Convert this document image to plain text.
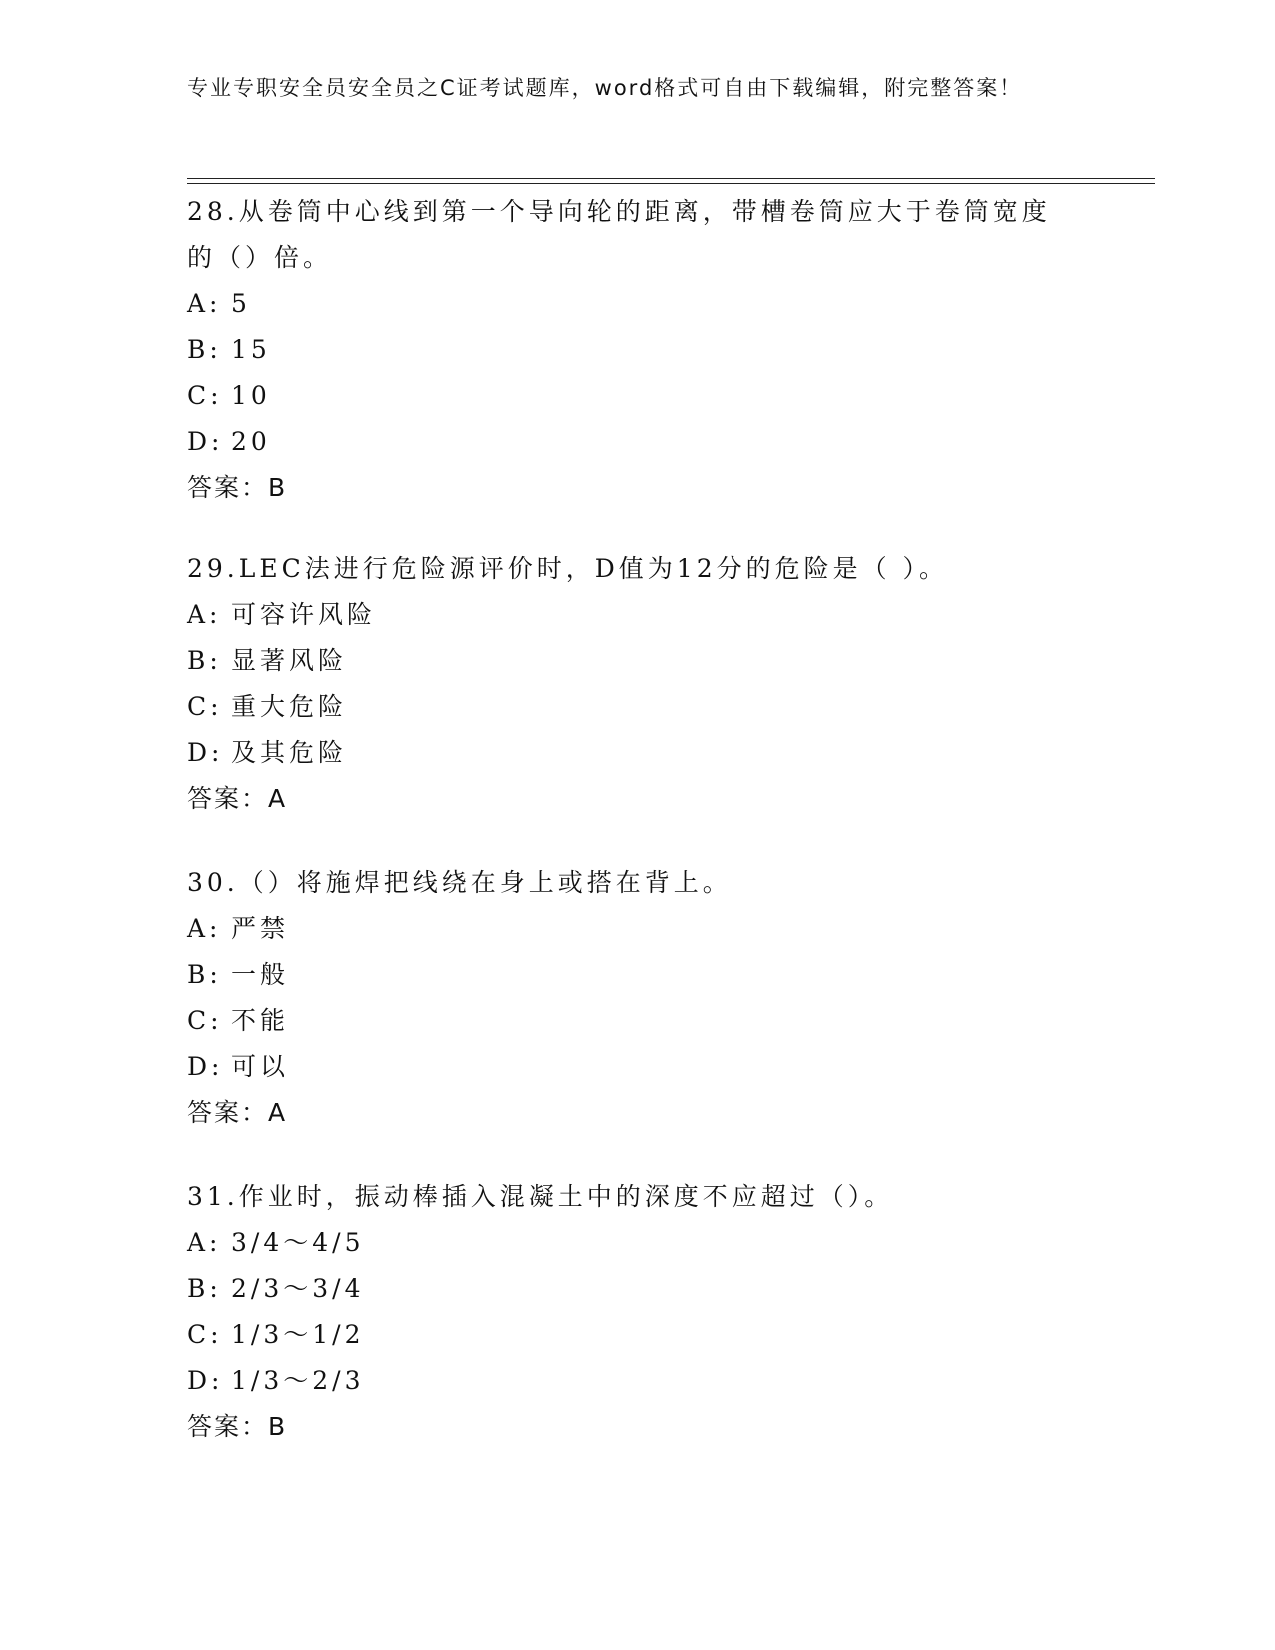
专业专职安全员安全员之C证考试题库，word格式可自由下载编辑，附完整答案！

28.从卷筒中心线到第一个导向轮的距离，带槽卷筒应大于卷筒宽度的（）倍。

A: 5
B: 15
C: 10
D: 20
答案：B

29.LEC法进行危险源评价时，D值为12分的危险是（ ）。

A: 可容许风险
B: 显著风险
C: 重大危险
D: 及其危险
答案：A

30.（）将施焊把线绕在身上或搭在背上。

A: 严禁
B: 一般
C: 不能
D: 可以
答案：A

31.作业时，振动棒插入混凝土中的深度不应超过（）。

A: 3/4～4/5
B: 2/3～3/4
C: 1/3～1/2
D: 1/3～2/3
答案：B
